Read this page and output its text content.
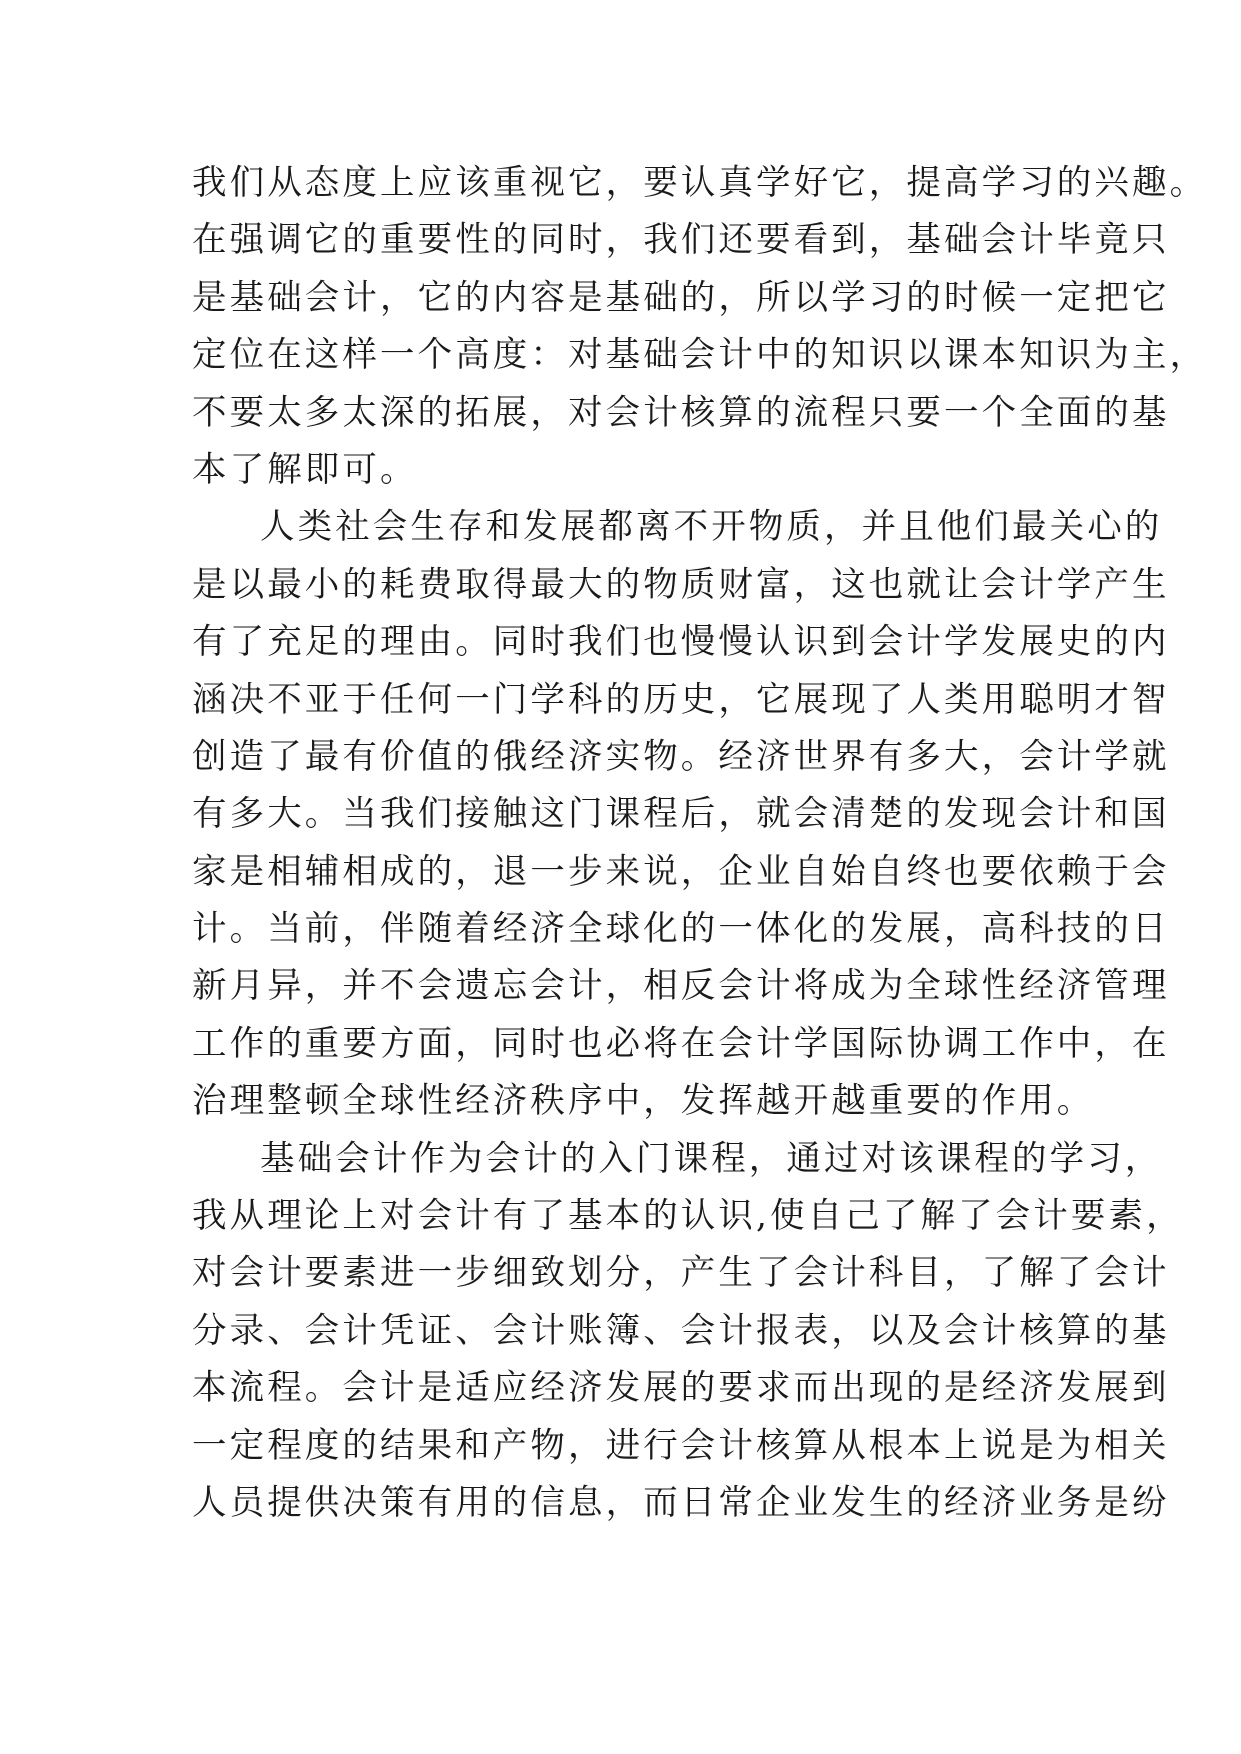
我们从态度上应该重视它，要认真学好它，提高学习的兴趣。
在强调它的重要性的同时，我们还要看到，基础会计毕竟只
是基础会计，它的内容是基础的，所以学习的时候一定把它
定位在这样一个高度：对基础会计中的知识以课本知识为主，
不要太多太深的拓展，对会计核算的流程只要一个全面的基
本了解即可。
人类社会生存和发展都离不开物质，并且他们最关心的
是以最小的耗费取得最大的物质财富，这也就让会计学产生
有了充足的理由。同时我们也慢慢认识到会计学发展史的内
涵决不亚于任何一门学科的历史，它展现了人类用聪明才智
创造了最有价值的俄经济实物。经济世界有多大，会计学就
有多大。当我们接触这门课程后，就会清楚的发现会计和国
家是相辅相成的，退一步来说，企业自始自终也要依赖于会
计。当前，伴随着经济全球化的一体化的发展，高科技的日
新月异，并不会遗忘会计，相反会计将成为全球性经济管理
工作的重要方面，同时也必将在会计学国际协调工作中，在
治理整顿全球性经济秩序中，发挥越开越重要的作用。
基础会计作为会计的入门课程，通过对该课程的学习，
我从理论上对会计有了基本的认识,使自己了解了会计要素，
对会计要素进一步细致划分，产生了会计科目，了解了会计
分录、会计凭证、会计账簿、会计报表，以及会计核算的基
本流程。会计是适应经济发展的要求而出现的是经济发展到
一定程度的结果和产物，进行会计核算从根本上说是为相关
人员提供决策有用的信息，而日常企业发生的经济业务是纷
